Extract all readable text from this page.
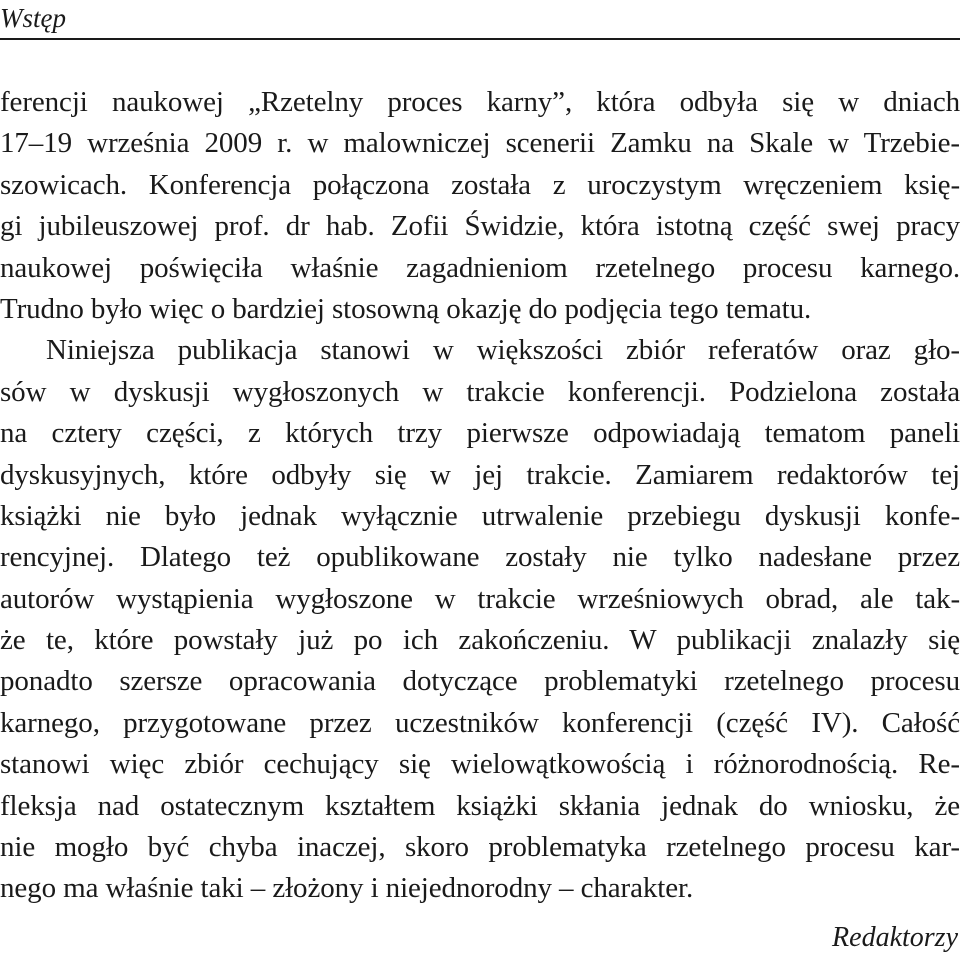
Wstęp
ferencji naukowej „Rzetelny proces karny”, która odbyła się w dniach
17–19 września 2009 r. w malowniczej scenerii Zamku na Skale w Trzebie-
szowicach. Konferencja połączona została z uroczystym wręczeniem księ-
gi jubileuszowej prof. dr hab. Zofii Świdzie, która istotną część swej pracy
naukowej poświęciła właśnie zagadnieniom rzetelnego procesu karnego.
Trudno było więc o bardziej stosowną okazję do podjęcia tego tematu.
Niniejsza publikacja stanowi w większości zbiór referatów oraz gło-
sów w dyskusji wygłoszonych w trakcie konferencji. Podzielona została
na cztery części, z których trzy pierwsze odpowiadają tematom paneli
dyskusyjnych, które odbyły się w jej trakcie. Zamiarem redaktorów tej
książki nie było jednak wyłącznie utrwalenie przebiegu dyskusji konfe-
rencyjnej. Dlatego też opublikowane zostały nie tylko nadesłane przez
autorów wystąpienia wygłoszone w trakcie wrześniowych obrad, ale tak-
że te, które powstały już po ich zakończeniu. W publikacji znalazły się
ponadto szersze opracowania dotyczące problematyki rzetelnego procesu
karnego, przygotowane przez uczestników konferencji (część IV). Całość
stanowi więc zbiór cechujący się wielowątkowością i różnorodnością. Re-
fleksja nad ostatecznym kształtem książki skłania jednak do wniosku, że
nie mogło być chyba inaczej, skoro problematyka rzetelnego procesu kar-
nego ma właśnie taki – złożony i niejednorodny – charakter.
Redaktorzy
